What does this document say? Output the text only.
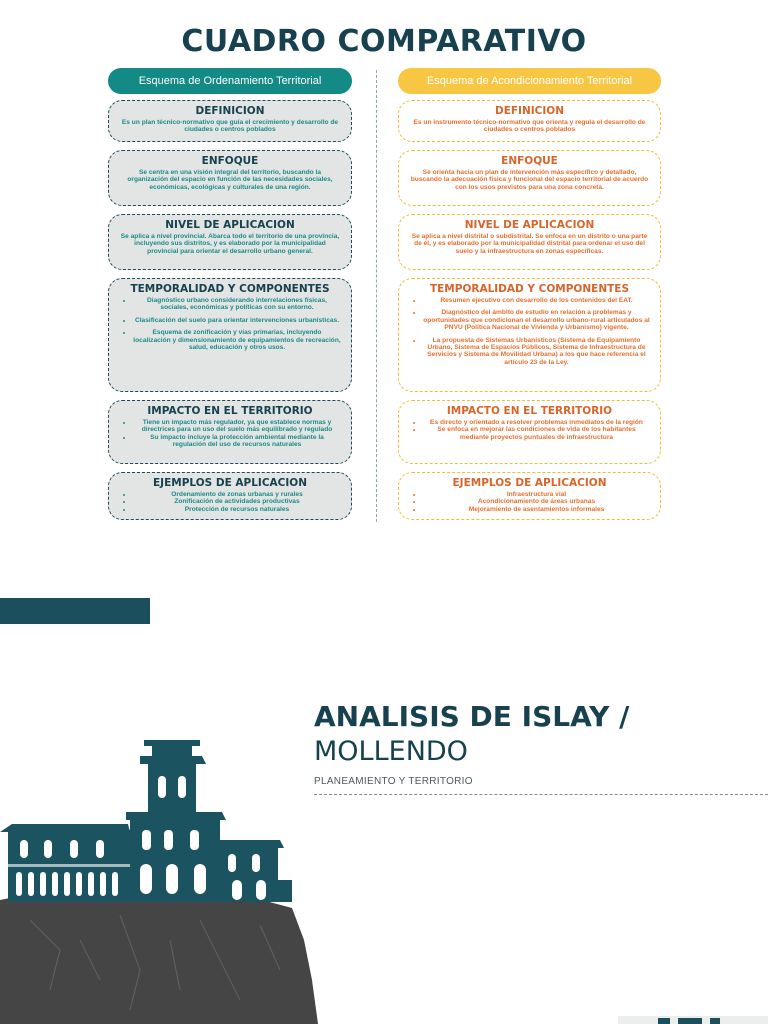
CUADRO COMPARATIVO
Esquema de Ordenamiento Territorial
DEFINICION

Es un plan técnico-normativo que guía el crecimiento y desarrollo de ciudades o centros poblados

ENFOQUE

Se centra en una visión integral del territorio, buscando la organización del espacio en función de las necesidades sociales, económicas, ecológicas y culturales de una región.

NIVEL DE APLICACION

Se aplica a nivel provincial. Abarca todo el territorio de una provincia, incluyendo sus distritos, y es elaborado por la municipalidad provincial para orientar el desarrollo urbano general.

TEMPORALIDAD Y COMPONENTES
• Diagnóstico urbano considerando interrelaciones físicas, sociales, económicas y políticas con su entorno.
• Clasificación del suelo para orientar intervenciones urbanísticas.
• Esquema de zonificación y vías primarias, incluyendo localización y dimensionamiento de equipamientos de recreación, salud, educación y otros usos.
IMPACTO EN EL TERRITORIO
• Tiene un impacto más regulador, ya que establece normas y directrices para un uso del suelo más equilibrado y regulado
• Su impacto incluye la protección ambiental mediante la regulación del uso de recursos naturales
EJEMPLOS DE APLICACION
• Ordenamiento de zonas urbanas y rurales
• Zonificación de actividades productivas
• Protección de recursos naturales
Esquema de Acondicionamiento Territorial
DEFINICION

Es un instrumento técnico-normativo que orienta y regula el desarrollo de ciudades o centros poblados

ENFOQUE

Se orienta hacia un plan de intervención más específico y detallado, buscando la adecuación física y funcional del espacio territorial de acuerdo con los usos previstos para una zona concreta.

NIVEL DE APLICACION

Se aplica a nivel distrital o subdistrital. Se enfoca en un distrito o una parte de él, y es elaborado por la municipalidad distrital para ordenar el uso del suelo y la infraestructura en zonas específicas.

TEMPORALIDAD Y COMPONENTES
• Resumen ejecutivo con desarrollo de los contenidos del EAT.
• Diagnóstico del ámbito de estudio en relación a problemas y oportunidades que condicionan el desarrollo urbano-rural articulados al PNVU (Política Nacional de Vivienda y Urbanismo) vigente.
• La propuesta de Sistemas Urbanísticos (Sistema de Equipamiento Urbano, Sistema de Espacios Públicos, Sistema de Infraestructura de Servicios y Sistema de Movilidad Urbana) a los que hace referencia el artículo 23 de la Ley.
IMPACTO EN EL TERRITORIO
• Es directo y orientado a resolver problemas inmediatos de la región
• Se enfoca en mejorar las condiciones de vida de los habitantes mediante proyectos puntuales de infraestructura
EJEMPLOS DE APLICACION
• Infraestructura vial
• Acondicionamiento de áreas urbanas
• Mejoramiento de asentamientos informales
ANALISIS DE ISLAY /
MOLLENDO
PLANEAMIENTO Y TERRITORIO
